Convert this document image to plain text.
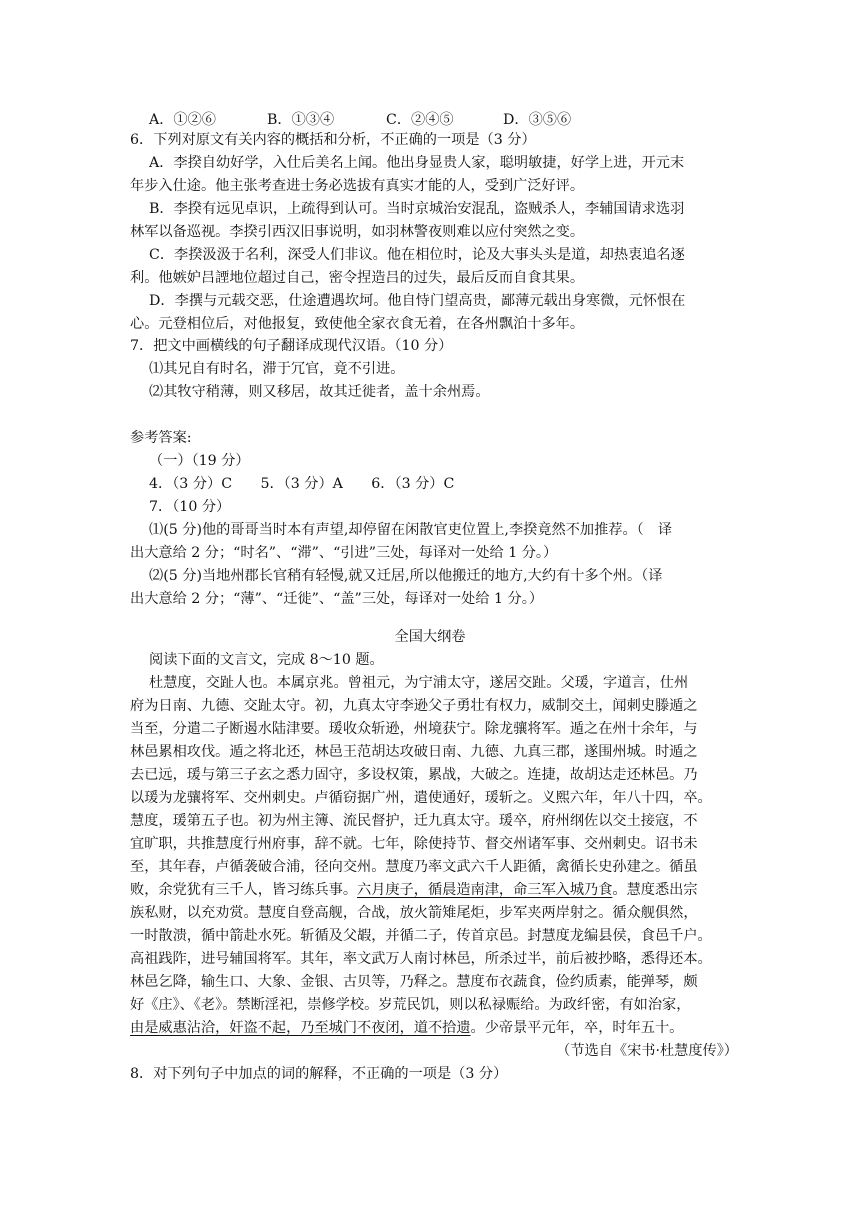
A．①②⑥	B．①③④	C．②④⑤	D．③⑤⑥
6．下列对原文有关内容的概括和分析，不正确的一项是（3 分）
A．李揆自幼好学，入仕后美名上闻。他出身显贵人家，聪明敏捷，好学上进，开元末
年步入仕途。他主张考查进士务必选拔有真实才能的人，受到广泛好评。
B．李揆有远见卓识，上疏得到认可。当时京城治安混乱，盗贼杀人，李辅国请求选羽
林军以备巡视。李揆引西汉旧事说明，如羽林警夜则难以应付突然之变。
C．李揆汲汲于名利，深受人们非议。他在相位时，论及大事头头是道，却热衷追名逐
利。他嫉妒吕諲地位超过自己，密令捏造吕的过失，最后反而自食其果。
D．李撰与元载交恶，仕途遭遇坎坷。他自恃门望高贵，鄙薄元载出身寒微，元怀恨在
心。元登相位后，对他报复，致使他全家衣食无着，在各州飘泊十多年。
7．把文中画横线的句子翻译成现代汉语。（10 分）
⑴其兄自有时名，滞于冗官，竟不引进。
⑵其牧守稍薄，则又移居，故其迁徙者，盖十余州焉。
参考答案:
（一）（19 分）
4．（3 分）C　　5．（3 分）A　　6．（3 分）C
7．（10 分）
⑴(5 分)他的哥哥当时本有声望,却停留在闲散官吏位置上,李揆竟然不加推荐。（　译
出大意给 2 分；“时名”、“滞”、“引进”三处，每译对一处给 1 分。）
⑵(5 分)当地州郡长官稍有轻慢,就又迁居,所以他搬迁的地方,大约有十多个州。（译
出大意给 2 分；“薄”、“迁徙”、“盖”三处，每译对一处给 1 分。）
全国大纲卷
阅读下面的文言文，完成 8～10 题。
杜慧度，交趾人也。本属京兆。曾祖元，为宁浦太守，遂居交趾。父瑗，字道言，仕州
府为日南、九德、交趾太守。初，九真太守李逊父子勇壮有权力，威制交土，闻刺史滕遁之
当至，分遣二子断遏水陆津要。瑗收众斩逊，州境获宁。除龙骧将军。遁之在州十余年，与
林邑累相攻伐。遁之将北还，林邑王范胡达攻破日南、九德、九真三郡，遂围州城。时遁之
去已远，瑗与第三子玄之悉力固守，多设权策，累战，大破之。连捷，故胡达走还林邑。乃
以瑗为龙骧将军、交州刺史。卢循窃据广州，遣使通好，瑗斩之。义熙六年，年八十四，卒。
慧度，瑗第五子也。初为州主簿、流民督护，迁九真太守。瑗卒，府州纲佐以交土接寇，不
宜旷职，共推慧度行州府事，辞不就。七年，除使持节、督交州诸军事、交州刺史。诏书未
至，其年春，卢循袭破合浦，径向交州。慧度乃率文武六千人距循，禽循长史孙建之。循虽
败，余党犹有三千人，皆习练兵事。六月庚子，循晨造南津，命三军入城乃食。慧度悉出宗
族私财，以充劝赏。慧度自登高舰，合战，放火箭雉尾炬，步军夹两岸射之。循众舰俱然，
一时散溃，循中箭赴水死。斩循及父嘏，并循二子，传首京邑。封慧度龙编县侯，食邑千户。
高祖践阼，进号辅国将军。其年，率文武万人南讨林邑，所杀过半，前后被抄略，悉得还本。
林邑乞降，输生口、大象、金银、古贝等，乃释之。慧度布衣蔬食，俭约质素，能弹琴，颇
好《庄》、《老》。禁断淫祀，崇修学校。岁荒民饥，则以私禄赈给。为政纤密，有如治家，
由是威惠沾洽，奸盗不起，乃至城门不夜闭，道不拾遗。少帝景平元年，卒，时年五十。
（节选自《宋书·杜慧度传》）
8．对下列句子中加点的词的解释，不正确的一项是（3 分）
